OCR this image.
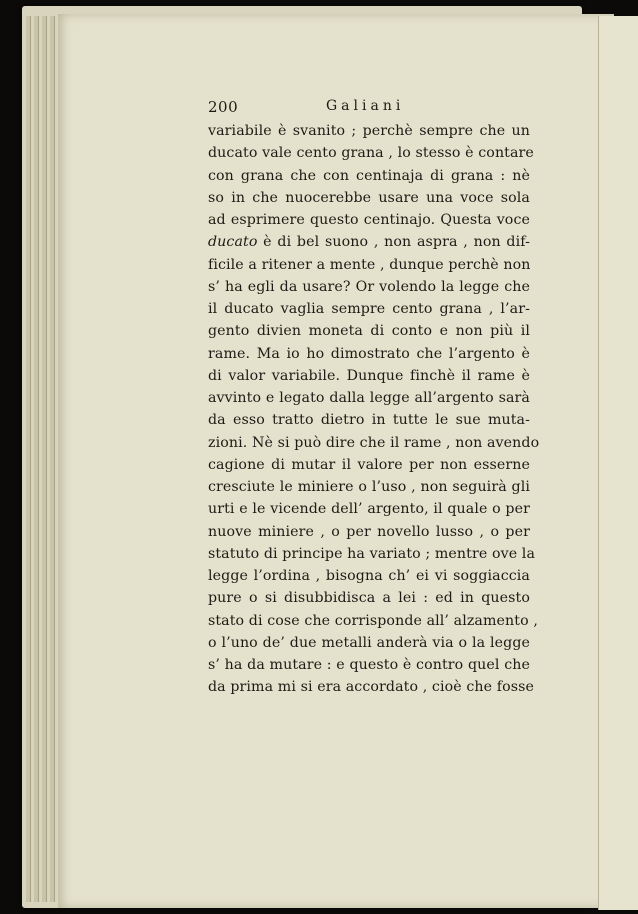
200	Galiani
variabile è svanito ; perchè sempre che un
ducato vale cento grana , lo stesso è contare
con grana che con centinaja di grana : nè
so in che nuocerebbe usare una voce sola
ad esprimere questo centinajo. Questa voce
ducato è di bel suono , non aspra , non dif-
ficile a ritener a mente , dunque perchè non
s’ ha egli da usare? Or volendo la legge che
il ducato vaglia sempre cento grana , l’ar-
gento divien moneta di conto e non più il
rame. Ma io ho dimostrato che l’argento è
di valor variabile. Dunque finchè il rame è
avvinto e legato dalla legge all’argento sarà
da esso tratto dietro in tutte le sue muta-
zioni. Nè si può dire che il rame , non avendo
cagione di mutar il valore per non esserne
cresciute le miniere o l’uso , non seguirà gli
urti e le vicende dell’ argento, il quale o per
nuove miniere , o per novello lusso , o per
statuto di principe ha variato ; mentre ove la
legge l’ordina , bisogna ch’ ei vi soggiaccia
pure o si disubbidisca a lei : ed in questo
stato di cose che corrisponde all’ alzamento ,
o l’uno de’ due metalli anderà via o la legge
s’ ha da mutare : e questo è contro quel che
da prima mi si era accordato , cioè che fosse
